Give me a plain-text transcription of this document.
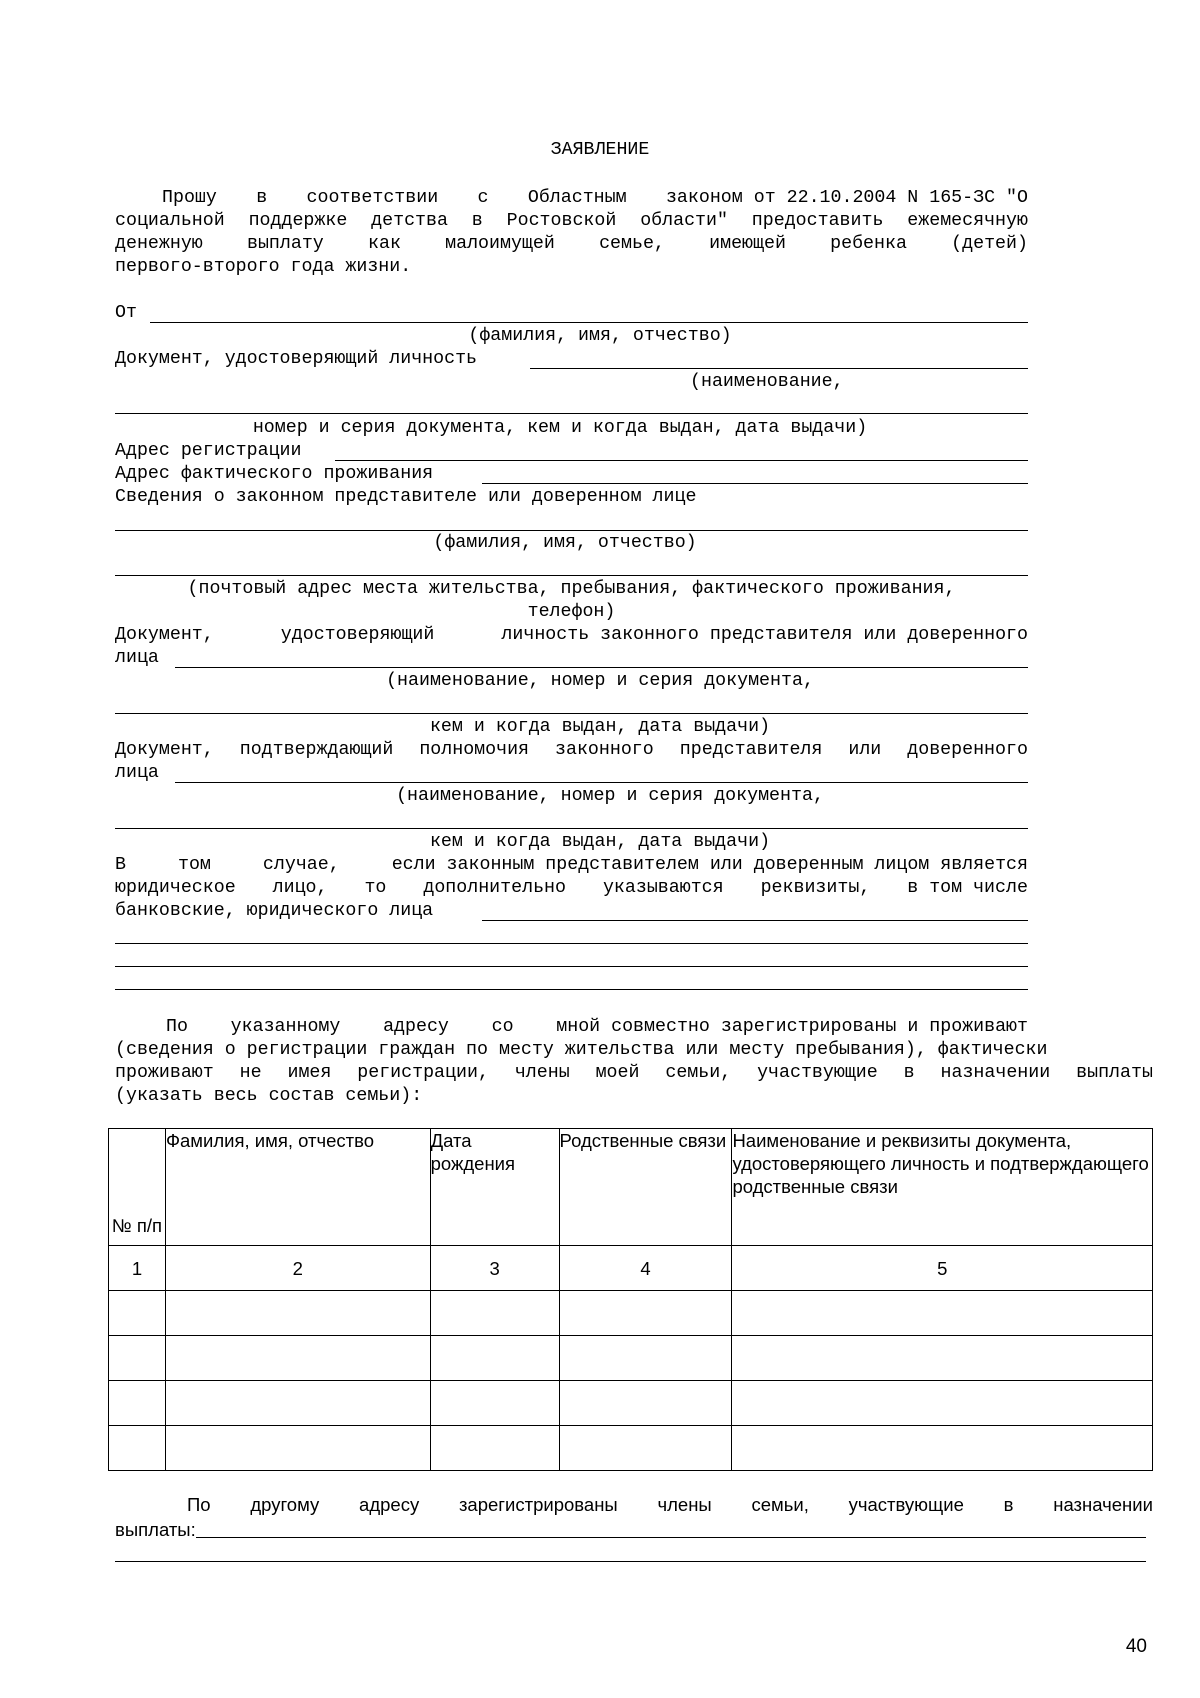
ЗАЯВЛЕНИЕ
Прошу в соответствии с Областным законом от 22.10.2004 N 165-ЗС "О
социальной поддержке детства в Ростовской области" предоставить ежемесячную
денежную выплату как малоимущей семье, имеющей ребенка (детей)
первого-второго года жизни.
От
(фамилия, имя, отчество)
Документ, удостоверяющий личность
(наименование,
номер и серия документа, кем и когда выдан, дата выдачи)
Адрес регистрации
Адрес фактического проживания
Сведения о законном представителе или доверенном лице
(фамилия, имя, отчество)
(почтовый адрес места жительства, пребывания, фактического проживания,
телефон)
Документ,	удостоверяющий	личность законного представителя или доверенного
лица
(наименование, номер и серия документа,
кем и когда выдан, дата выдачи)
Документ, подтверждающий полномочия законного представителя или доверенного
лица
(наименование, номер и серия документа,
кем и когда выдан, дата выдачи)
В	том	случае,	если законным представителем или доверенным лицом является
юридическое лицо, то дополнительно указываются реквизиты, в том числе
банковские, юридического лица
По указанному адресу со мной совместно зарегистрированы и проживают
(сведения о регистрации граждан по месту жительства или месту пребывания), фактически
проживают не имея регистрации, члены моей семьи, участвующие в назначении выплаты
(указать весь состав семьи):
№ п/п	Фамилия, имя, отчество	Дата рождения	Родственные связи	Наименование и реквизиты документа, удостоверяющего личность и подтверждающего родственные связи
1	2	3	4	5

По другому адресу зарегистрированы члены семьи, участвующие в назначении
выплаты:
40
